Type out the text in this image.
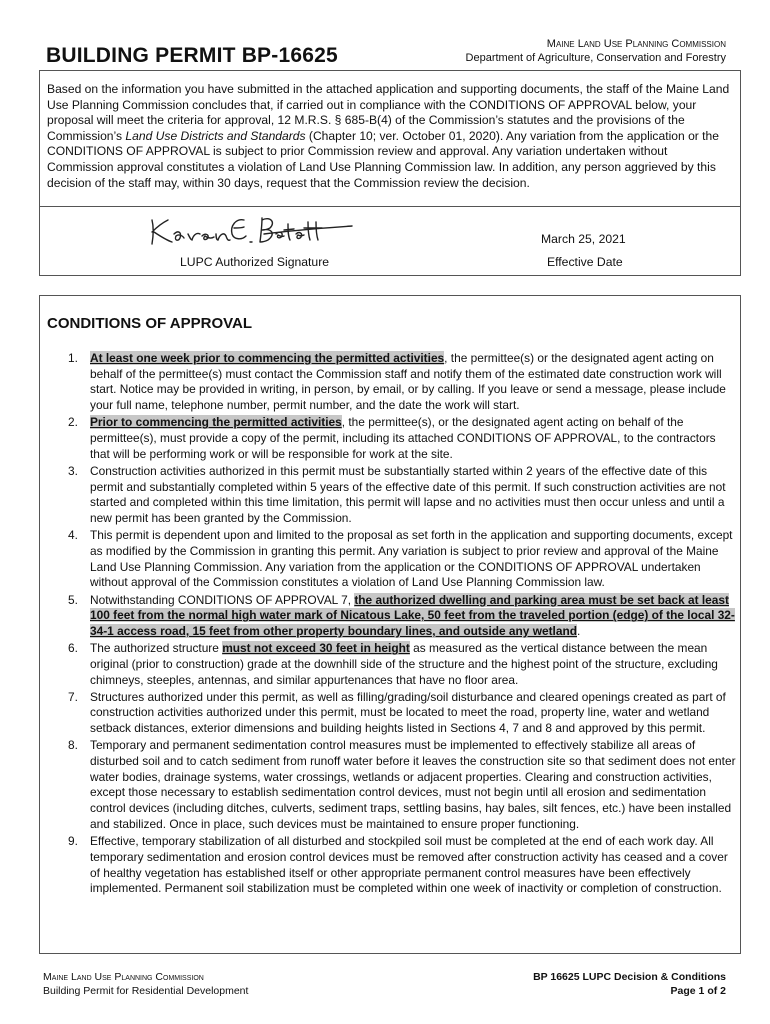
BUILDING PERMIT BP-16625	Maine Land Use Planning Commission
Department of Agriculture, Conservation and Forestry
Based on the information you have submitted in the attached application and supporting documents, the staff of the Maine Land Use Planning Commission concludes that, if carried out in compliance with the CONDITIONS OF APPROVAL below, your proposal will meet the criteria for approval, 12 M.R.S. § 685-B(4) of the Commission’s statutes and the provisions of the Commission’s Land Use Districts and Standards (Chapter 10; ver. October 01, 2020). Any variation from the application or the CONDITIONS OF APPROVAL is subject to prior Commission review and approval. Any variation undertaken without Commission approval constitutes a violation of Land Use Planning Commission law. In addition, any person aggrieved by this decision of the staff may, within 30 days, request that the Commission review the decision.
LUPC Authorized Signature
March 25, 2021
Effective Date
CONDITIONS OF APPROVAL
1. At least one week prior to commencing the permitted activities, the permittee(s) or the designated agent acting on behalf of the permittee(s) must contact the Commission staff and notify them of the estimated date construction work will start. Notice may be provided in writing, in person, by email, or by calling. If you leave or send a message, please include your full name, telephone number, permit number, and the date the work will start.
2. Prior to commencing the permitted activities, the permittee(s), or the designated agent acting on behalf of the permittee(s), must provide a copy of the permit, including its attached CONDITIONS OF APPROVAL, to the contractors that will be performing work or will be responsible for work at the site.
3. Construction activities authorized in this permit must be substantially started within 2 years of the effective date of this permit and substantially completed within 5 years of the effective date of this permit. If such construction activities are not started and completed within this time limitation, this permit will lapse and no activities must then occur unless and until a new permit has been granted by the Commission.
4. This permit is dependent upon and limited to the proposal as set forth in the application and supporting documents, except as modified by the Commission in granting this permit. Any variation is subject to prior review and approval of the Maine Land Use Planning Commission. Any variation from the application or the CONDITIONS OF APPROVAL undertaken without approval of the Commission constitutes a violation of Land Use Planning Commission law.
5. Notwithstanding CONDITIONS OF APPROVAL 7, the authorized dwelling and parking area must be set back at least 100 feet from the normal high water mark of Nicatous Lake, 50 feet from the traveled portion (edge) of the local 32-34-1 access road, 15 feet from other property boundary lines, and outside any wetland.
6. The authorized structure must not exceed 30 feet in height as measured as the vertical distance between the mean original (prior to construction) grade at the downhill side of the structure and the highest point of the structure, excluding chimneys, steeples, antennas, and similar appurtenances that have no floor area.
7. Structures authorized under this permit, as well as filling/grading/soil disturbance and cleared openings created as part of construction activities authorized under this permit, must be located to meet the road, property line, water and wetland setback distances, exterior dimensions and building heights listed in Sections 4, 7 and 8 and approved by this permit.
8. Temporary and permanent sedimentation control measures must be implemented to effectively stabilize all areas of disturbed soil and to catch sediment from runoff water before it leaves the construction site so that sediment does not enter water bodies, drainage systems, water crossings, wetlands or adjacent properties. Clearing and construction activities, except those necessary to establish sedimentation control devices, must not begin until all erosion and sedimentation control devices (including ditches, culverts, sediment traps, settling basins, hay bales, silt fences, etc.) have been installed and stabilized. Once in place, such devices must be maintained to ensure proper functioning.
9. Effective, temporary stabilization of all disturbed and stockpiled soil must be completed at the end of each work day. All temporary sedimentation and erosion control devices must be removed after construction activity has ceased and a cover of healthy vegetation has established itself or other appropriate permanent control measures have been effectively implemented. Permanent soil stabilization must be completed within one week of inactivity or completion of construction.
Maine Land Use Planning Commission
Building Permit for Residential Development
BP 16625 LUPC Decision & Conditions
Page 1 of 2
